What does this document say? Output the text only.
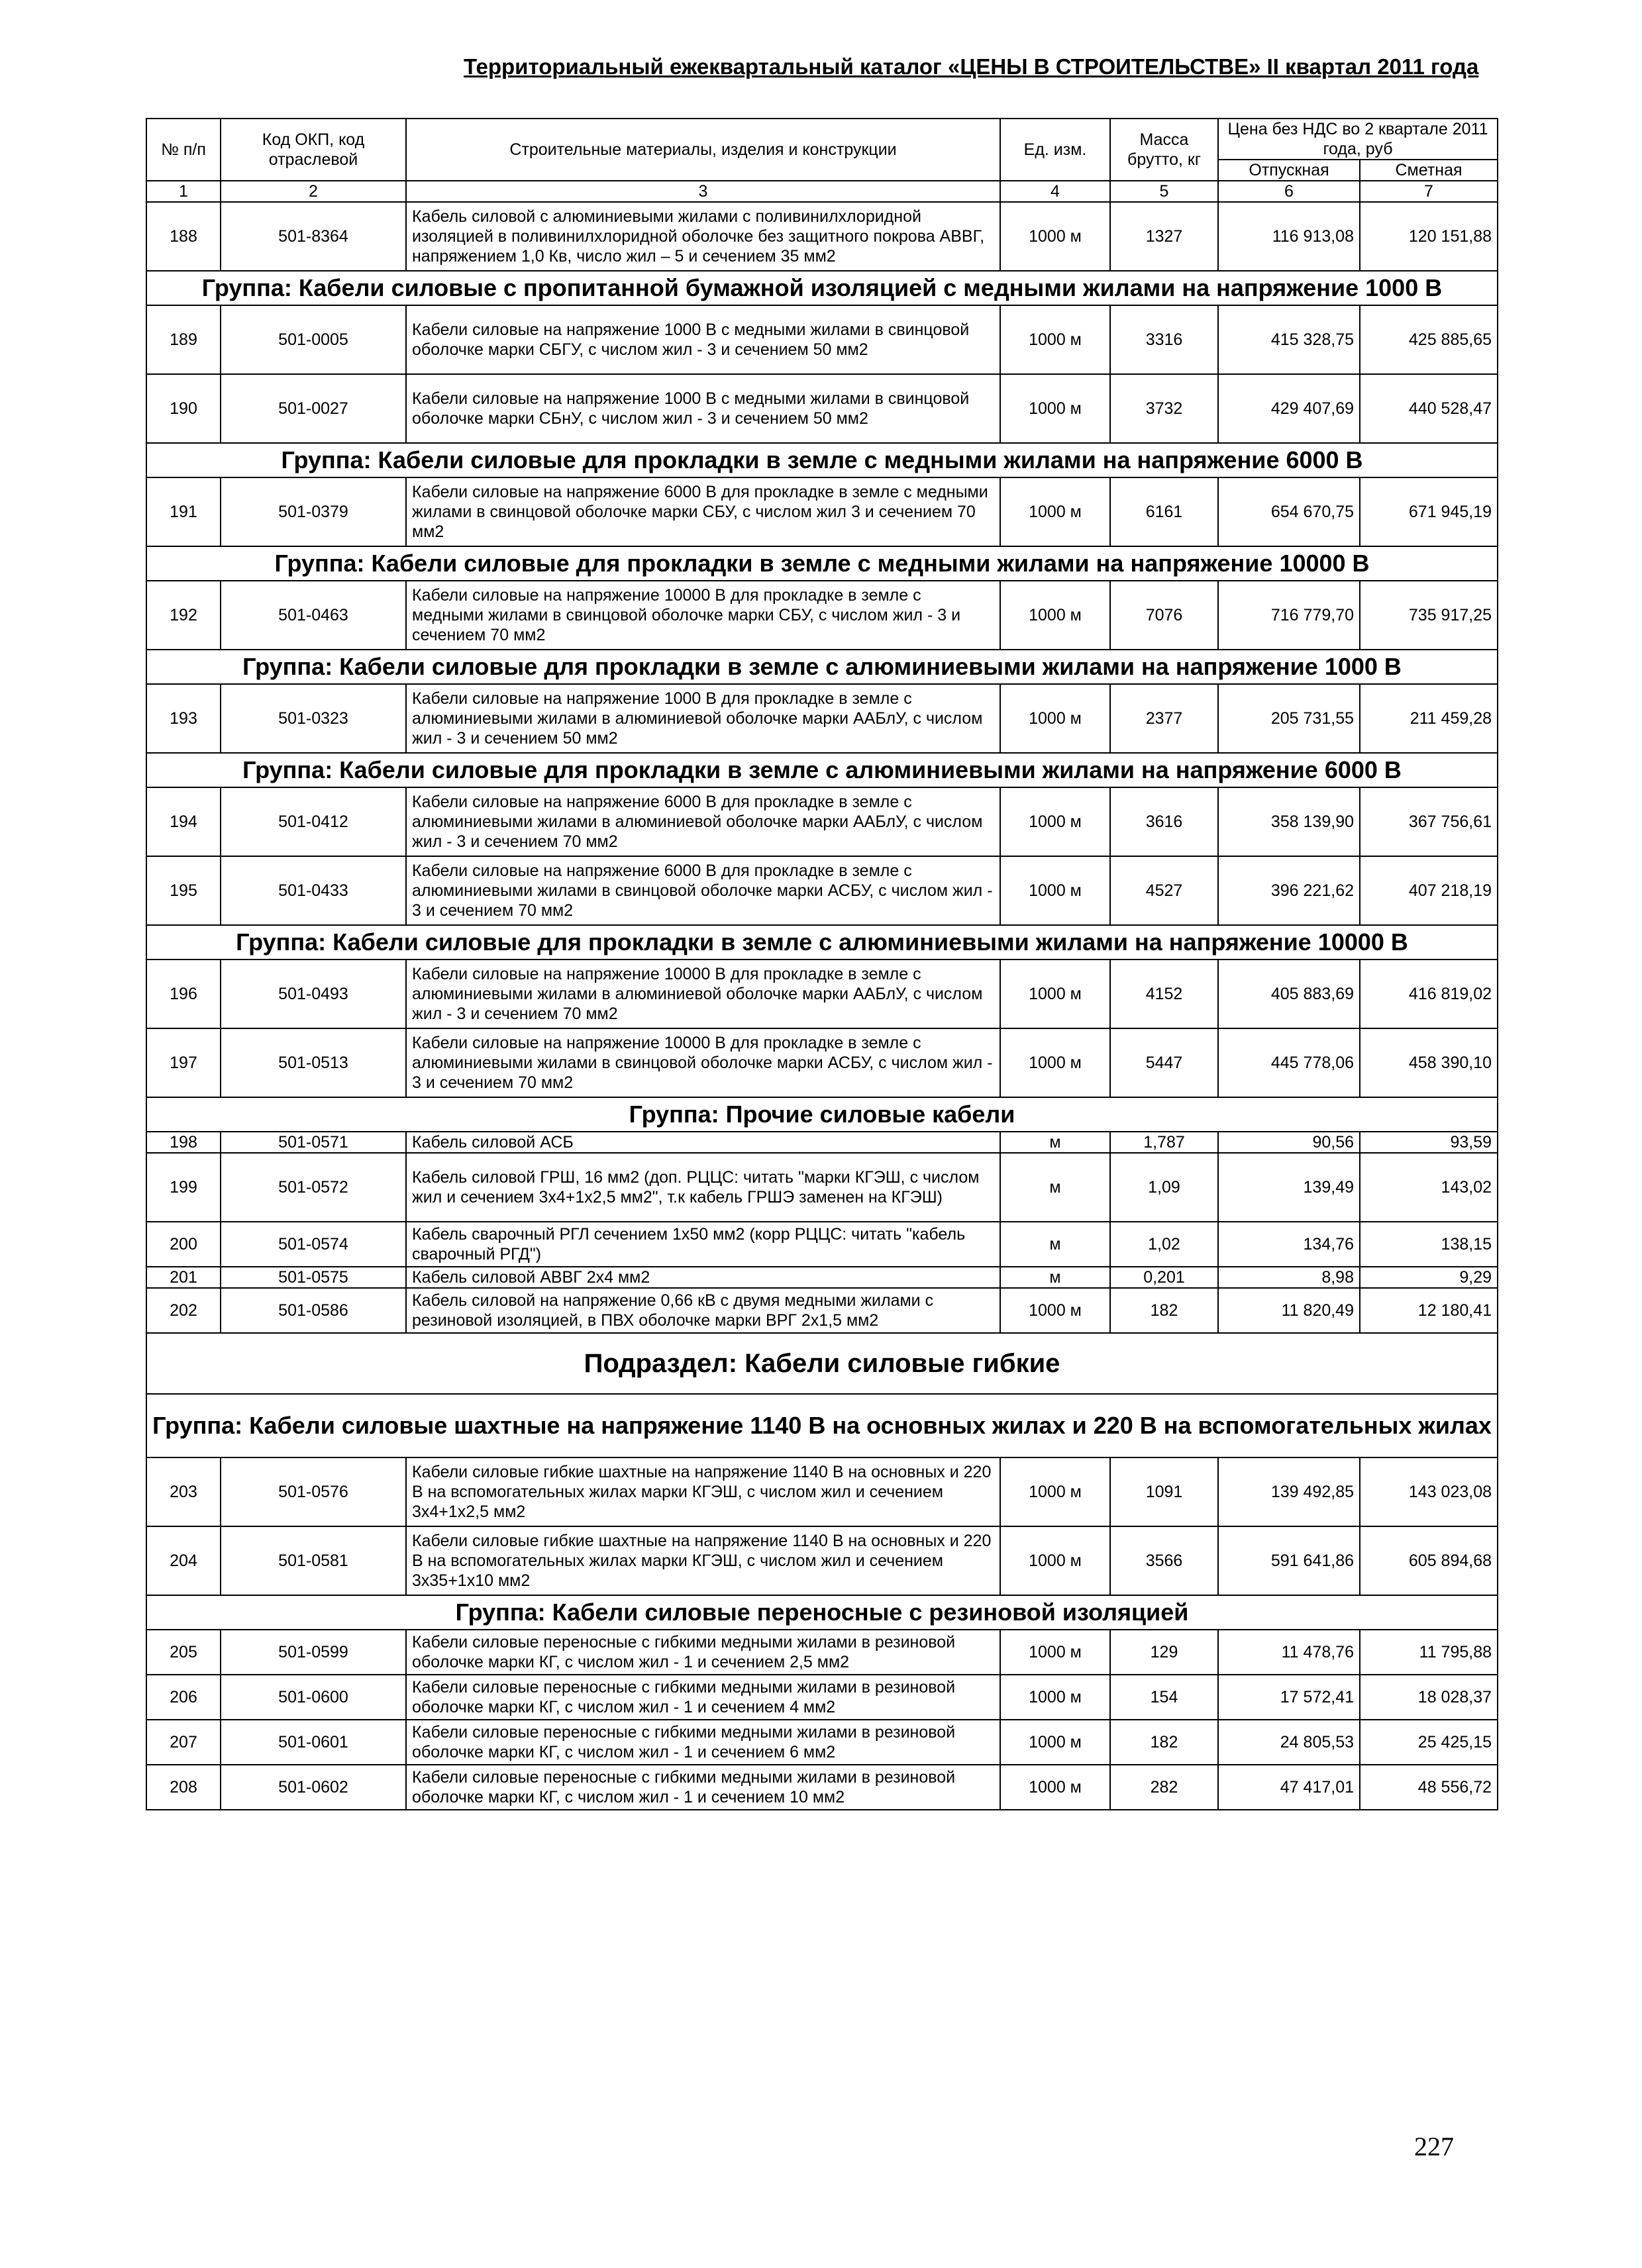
Территориальный ежеквартальный каталог «ЦЕНЫ В СТРОИТЕЛЬСТВЕ» II квартал 2011 года
№ п/п	Код ОКП, код отраслевой	Строительные материалы, изделия и конструкции	Ед. изм.	Масса брутто, кг	Цена без НДС во 2 квартале 2011 года, руб	
					Отпускная	Сметная
1	2	3	4	5	6	7
188	501-8364	Кабель силовой с алюминиевыми жилами с поливинилхлоридной изоляцией в поливинилхлоридной оболочке без защитного покрова АВВГ, напряжением 1,0 Кв, число жил – 5 и сечением 35 мм2	1000 м	1327	116 913,08	120 151,88
Группа: Кабели силовые с пропитанной бумажной изоляцией с медными жилами на напряжение 1000 В						
189	501-0005	Кабели силовые на напряжение 1000 В с медными жилами в свинцовой оболочке марки СБГУ, с числом жил - 3 и сечением 50 мм2	1000 м	3316	415 328,75	425 885,65
190	501-0027	Кабели силовые на напряжение 1000 В с медными жилами в свинцовой оболочке марки СБнУ, с числом жил - 3 и сечением 50 мм2	1000 м	3732	429 407,69	440 528,47
Группа: Кабели силовые для прокладки в земле с медными жилами на напряжение 6000 В						
191	501-0379	Кабели силовые на напряжение 6000 В для прокладке в земле с медными жилами в свинцовой оболочке марки СБУ, с числом жил 3 и сечением 70 мм2	1000 м	6161	654 670,75	671 945,19
Группа: Кабели силовые для прокладки в земле с медными жилами на напряжение 10000 В						
192	501-0463	Кабели силовые на напряжение 10000 В для прокладке в земле с медными жилами в свинцовой оболочке марки СБУ, с числом жил - 3 и сечением 70 мм2	1000 м	7076	716 779,70	735 917,25
Группа: Кабели силовые для прокладки в земле с алюминиевыми жилами на напряжение 1000 В						
193	501-0323	Кабели силовые на напряжение 1000 В для прокладке в земле с алюминиевыми жилами в алюминиевой оболочке марки ААБлУ, с числом жил - 3 и сечением 50 мм2	1000 м	2377	205 731,55	211 459,28
Группа: Кабели силовые для прокладки в земле с алюминиевыми жилами на напряжение 6000 В						
194	501-0412	Кабели силовые на напряжение 6000 В для прокладке в земле с алюминиевыми жилами в алюминиевой оболочке марки ААБлУ, с числом жил - 3 и сечением 70 мм2	1000 м	3616	358 139,90	367 756,61
195	501-0433	Кабели силовые на напряжение 6000 В для прокладке в земле с алюминиевыми жилами в свинцовой оболочке марки АСБУ, с числом жил - 3 и сечением 70 мм2	1000 м	4527	396 221,62	407 218,19
Группа: Кабели силовые для прокладки в земле с алюминиевыми жилами на напряжение 10000 В						
196	501-0493	Кабели силовые на напряжение 10000 В для прокладке в земле с алюминиевыми жилами в алюминиевой оболочке марки ААБлУ, с числом жил - 3 и сечением 70 мм2	1000 м	4152	405 883,69	416 819,02
197	501-0513	Кабели силовые на напряжение 10000 В для прокладке в земле с алюминиевыми жилами в свинцовой оболочке марки АСБУ, с числом жил - 3 и сечением 70 мм2	1000 м	5447	445 778,06	458 390,10
Группа: Прочие силовые кабели						
198	501-0571	Кабель силовой АСБ	м	1,787	90,56	93,59
199	501-0572	Кабель силовой ГРШ, 16 мм2 (доп. РЦЦС: читать "марки КГЭШ, с числом жил и сечением 3х4+1х2,5 мм2", т.к кабель ГРШЭ заменен на КГЭШ)	м	1,09	139,49	143,02
200	501-0574	Кабель сварочный РГЛ сечением 1х50 мм2 (корр РЦЦС: читать "кабель сварочный РГД")	м	1,02	134,76	138,15
201	501-0575	Кабель силовой АВВГ 2х4 мм2	м	0,201	8,98	9,29
202	501-0586	Кабель силовой на напряжение 0,66 кВ с двумя медными жилами с резиновой изоляцией, в ПВХ оболочке марки ВРГ 2х1,5 мм2	1000 м	182	11 820,49	12 180,41
Подраздел: Кабели силовые гибкие						
Группа: Кабели силовые шахтные на напряжение 1140 В на основных жилах и 220 В на вспомогательных жилах						
203	501-0576	Кабели силовые гибкие шахтные на напряжение 1140 В на основных и 220 В на вспомогательных жилах марки КГЭШ, с числом жил и сечением 3х4+1х2,5 мм2	1000 м	1091	139 492,85	143 023,08
204	501-0581	Кабели силовые гибкие шахтные на напряжение 1140 В на основных и 220 В на вспомогательных жилах марки КГЭШ, с числом жил и сечением 3х35+1х10 мм2	1000 м	3566	591 641,86	605 894,68
Группа: Кабели силовые переносные с резиновой изоляцией						
205	501-0599	Кабели силовые переносные с гибкими медными жилами в резиновой оболочке марки КГ, с числом жил - 1 и сечением 2,5 мм2	1000 м	129	11 478,76	11 795,88
206	501-0600	Кабели силовые переносные с гибкими медными жилами в резиновой оболочке марки КГ, с числом жил - 1 и сечением 4 мм2	1000 м	154	17 572,41	18 028,37
207	501-0601	Кабели силовые переносные с гибкими медными жилами в резиновой оболочке марки КГ, с числом жил - 1 и сечением 6 мм2	1000 м	182	24 805,53	25 425,15
208	501-0602	Кабели силовые переносные с гибкими медными жилами в резиновой оболочке марки КГ, с числом жил - 1 и сечением 10 мм2	1000 м	282	47 417,01	48 556,72
227
